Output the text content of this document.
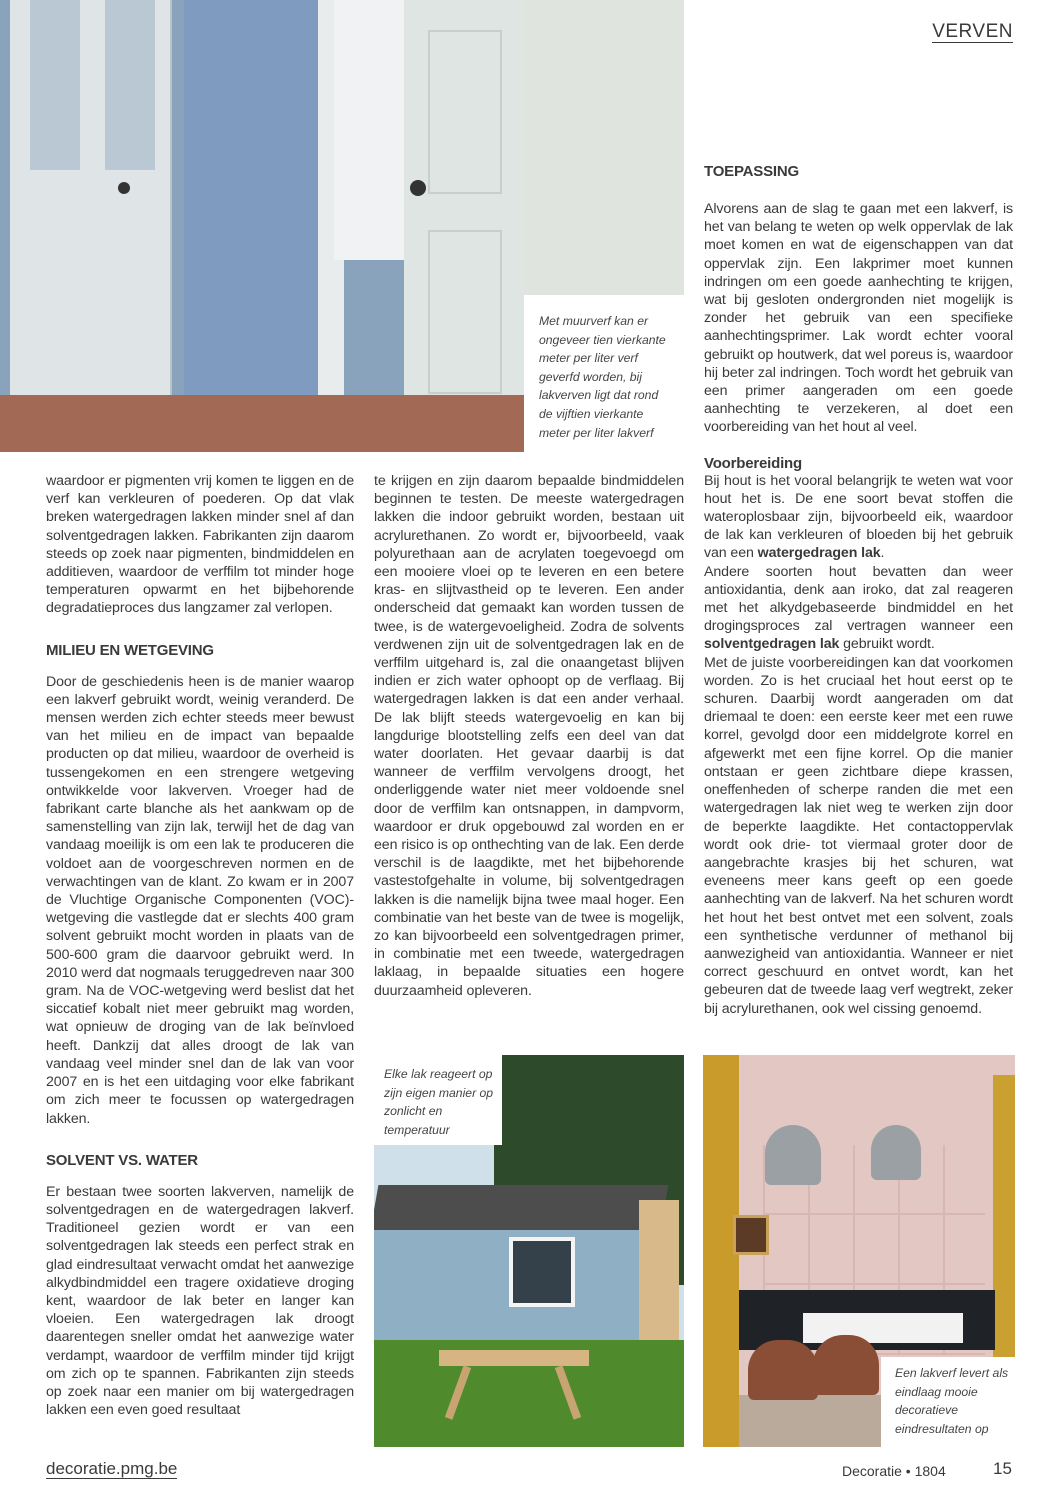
VERVEN

Met muurverf kan er ongeveer tien vierkante meter per liter verf geverfd worden, bij lakverven ligt dat rond de vijftien vierkante meter per liter lakverf

waardoor er pigmenten vrij komen te liggen en de verf kan verkleuren of poederen. Op dat vlak breken watergedragen lakken minder snel af dan solventgedragen lakken. Fabrikanten zijn daarom steeds op zoek naar pigmenten, bindmiddelen en additieven, waardoor de verffilm tot minder hoge temperaturen opwarmt en het bijbehorende degradatieproces dus langzamer zal verlopen.

MILIEU EN WETGEVING

Door de geschiedenis heen is de manier waarop een lakverf gebruikt wordt, weinig veranderd. De mensen werden zich echter steeds meer bewust van het milieu en de impact van bepaalde producten op dat milieu, waardoor de overheid is tussengekomen en een strengere wetgeving ontwikkelde voor lakverven. Vroeger had de fabrikant carte blanche als het aankwam op de samenstelling van zijn lak, terwijl het de dag van vandaag moeilijk is om een lak te produceren die voldoet aan de voorgeschreven normen en de verwachtingen van de klant. Zo kwam er in 2007 de Vluchtige Organische Componenten (VOC)-wetgeving die vastlegde dat er slechts 400 gram solvent gebruikt mocht worden in plaats van de 500-600 gram die daarvoor gebruikt werd. In 2010 werd dat nogmaals teruggedreven naar 300 gram. Na de VOC-wetgeving werd beslist dat het siccatief kobalt niet meer gebruikt mag worden, wat opnieuw de droging van de lak beïnvloed heeft. Dankzij dat alles droogt de lak van vandaag veel minder snel dan de lak van voor 2007 en is het een uitdaging voor elke fabrikant om zich meer te focussen op watergedragen lakken.

SOLVENT VS. WATER

Er bestaan twee soorten lakverven, namelijk de solventgedragen en de watergedragen lakverf. Traditioneel gezien wordt er van een solventgedragen lak steeds een perfect strak en glad eindresultaat verwacht omdat het aanwezige alkydbindmiddel een tragere oxidatieve droging kent, waardoor de lak beter en langer kan vloeien. Een watergedragen lak droogt daarentegen sneller omdat het aanwezige water verdampt, waardoor de verffilm minder tijd krijgt om zich op te spannen. Fabrikanten zijn steeds op zoek naar een manier om bij watergedragen lakken een even goed resultaat

te krijgen en zijn daarom bepaalde bindmiddelen beginnen te testen. De meeste watergedragen lakken die indoor gebruikt worden, bestaan uit acrylurethanen. Zo wordt er, bijvoorbeeld, vaak polyurethaan aan de acrylaten toegevoegd om een mooiere vloei op te leveren en een betere kras- en slijtvastheid op te leveren. Een ander onderscheid dat gemaakt kan worden tussen de twee, is de watergevoeligheid. Zodra de solvents verdwenen zijn uit de solventgedragen lak en de verffilm uitgehard is, zal die onaangetast blijven indien er zich water ophoopt op de verflaag. Bij watergedragen lakken is dat een ander verhaal. De lak blijft steeds watergevoelig en kan bij langdurige blootstelling zelfs een deel van dat water doorlaten. Het gevaar daarbij is dat wanneer de verffilm vervolgens droogt, het onderliggende water niet meer voldoende snel door de verffilm kan ontsnappen, in dampvorm, waardoor er druk opgebouwd zal worden en er een risico is op onthechting van de lak. Een derde verschil is de laagdikte, met het bijbehorende vastestofgehalte in volume, bij solventgedragen lakken is die namelijk bijna twee maal hoger. Een combinatie van het beste van de twee is mogelijk, zo kan bijvoorbeeld een solventgedragen primer, in combinatie met een tweede, watergedragen laklaag, in bepaalde situaties een hogere duurzaamheid opleveren.

TOEPASSING

Alvorens aan de slag te gaan met een lakverf, is het van belang te weten op welk oppervlak de lak moet komen en wat de eigenschappen van dat oppervlak zijn. Een lakprimer moet kunnen indringen om een goede aanhechting te krijgen, wat bij gesloten ondergronden niet mogelijk is zonder het gebruik van een specifieke aanhechtingsprimer. Lak wordt echter vooral gebruikt op houtwerk, dat wel poreus is, waardoor hij beter zal indringen. Toch wordt het gebruik van een primer aangeraden om een goede aanhechting te verzekeren, al doet een voorbereiding van het hout al veel.

Voorbereiding

Bij hout is het vooral belangrijk te weten wat voor hout het is. De ene soort bevat stoffen die wateroplosbaar zijn, bijvoorbeeld eik, waardoor de lak kan verkleuren of bloeden bij het gebruik van een watergedragen lak.

Andere soorten hout bevatten dan weer antioxidantia, denk aan iroko, dat zal reageren met het alkydgebaseerde bindmiddel en het drogingsproces zal vertragen wanneer een solventgedragen lak gebruikt wordt.

Met de juiste voorbereidingen kan dat voorkomen worden. Zo is het cruciaal het hout eerst op te schuren. Daarbij wordt aangeraden om dat driemaal te doen: een eerste keer met een ruwe korrel, gevolgd door een middelgrote korrel en afgewerkt met een fijne korrel. Op die manier ontstaan er geen zichtbare diepe krassen, oneffenheden of scherpe randen die met een watergedragen lak niet weg te werken zijn door de beperkte laagdikte. Het contactoppervlak wordt ook drie- tot viermaal groter door de aangebrachte krasjes bij het schuren, wat eveneens meer kans geeft op een goede aanhechting van de lakverf. Na het schuren wordt het hout het best ontvet met een solvent, zoals een synthetische verdunner of methanol bij aanwezigheid van antioxidantia. Wanneer er niet correct geschuurd en ontvet wordt, kan het gebeuren dat de tweede laag verf wegtrekt, zeker bij acrylurethanen, ook wel cissing genoemd.

Elke lak reageert op zijn eigen manier op zonlicht en temperatuur

Een lakverf levert als eindlaag mooie decoratieve eindresultaten op

decoratie.pmg.be	Decoratie • 1804	15
